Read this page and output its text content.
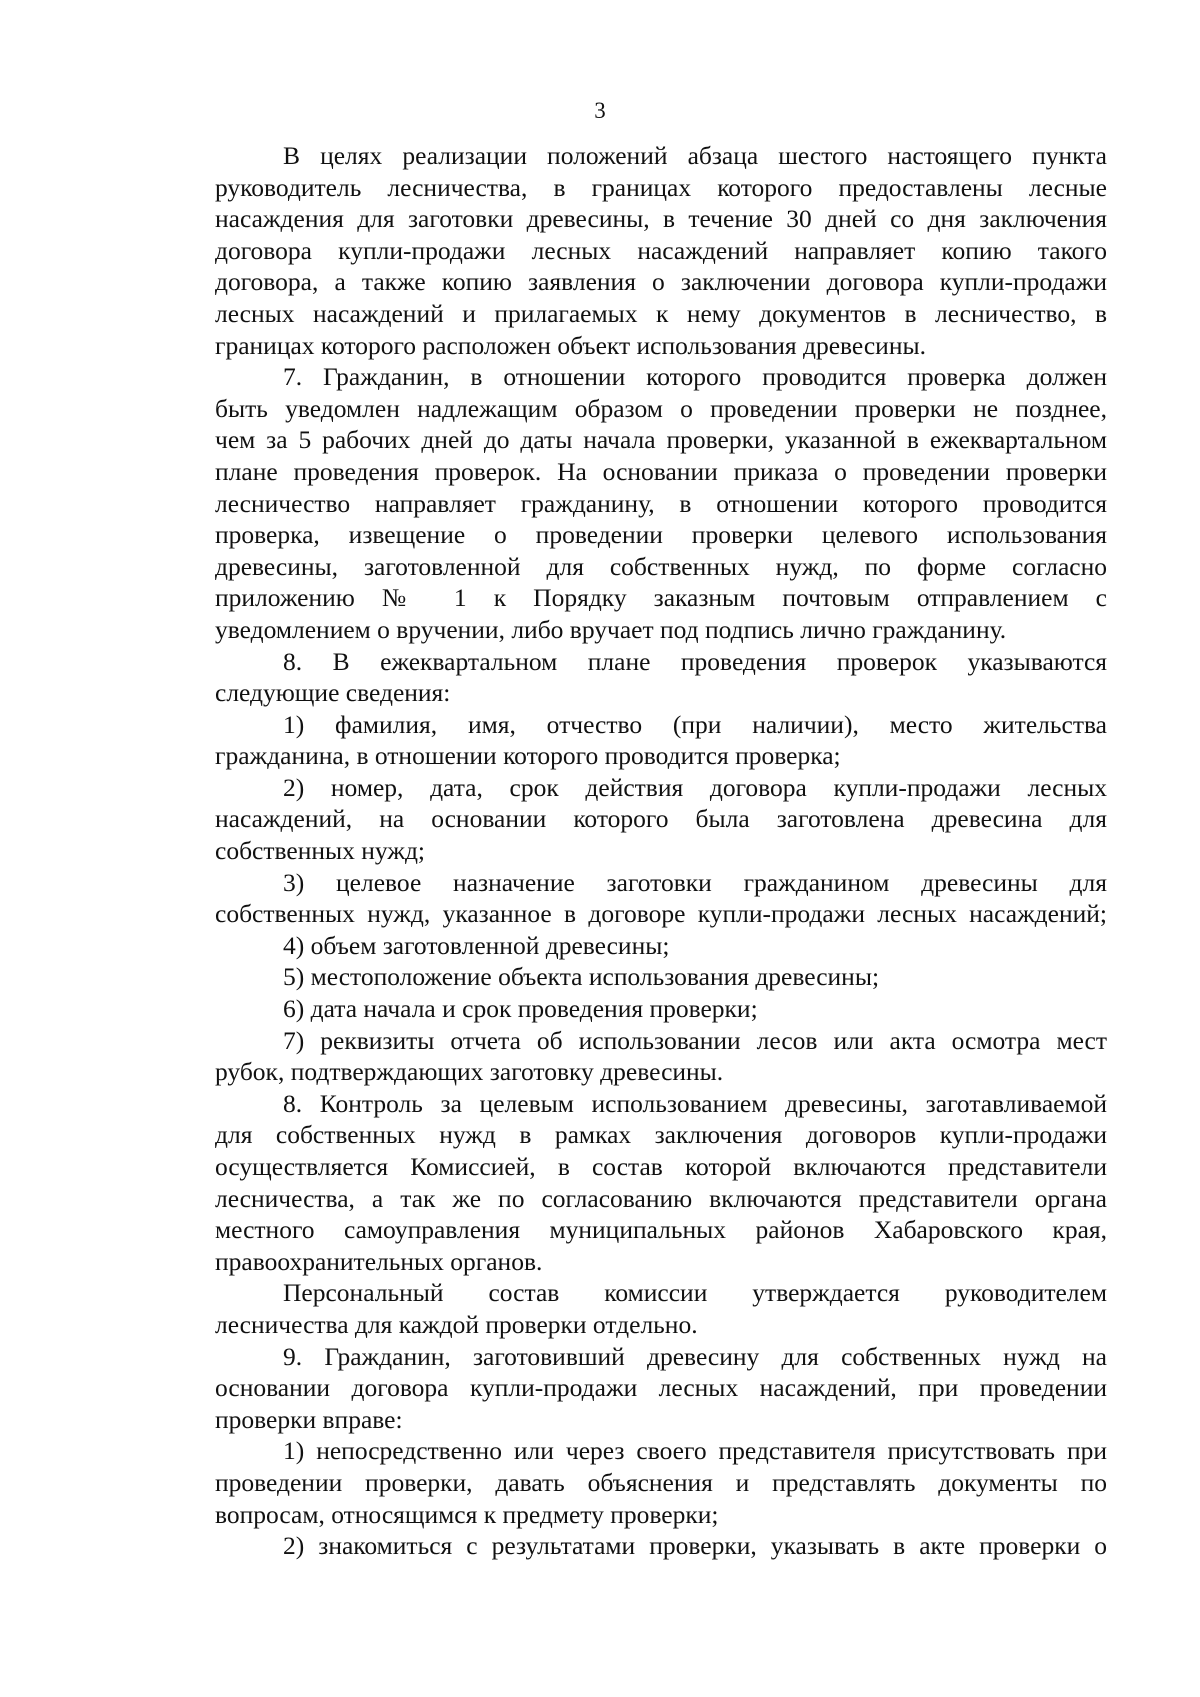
3
В целях реализации положений абзаца шестого настоящего пункта
руководитель лесничества, в границах которого предоставлены лесные
насаждения для заготовки древесины, в течение 30 дней со дня заключения
договора купли-продажи лесных насаждений направляет копию такого
договора, а также копию заявления о заключении договора купли-продажи
лесных насаждений и прилагаемых к нему документов в лесничество, в
границах которого расположен объект использования древесины.
7. Гражданин, в отношении которого проводится проверка должен
быть уведомлен надлежащим образом о проведении проверки не позднее,
чем за 5 рабочих дней до даты начала проверки, указанной в ежеквартальном
плане проведения проверок. На основании приказа о проведении проверки
лесничество направляет гражданину, в отношении которого проводится
проверка, извещение о проведении проверки целевого использования
древесины, заготовленной для собственных нужд, по форме согласно
приложению № 1 к Порядку заказным почтовым отправлением с
уведомлением о вручении, либо вручает под подпись лично гражданину.
8. В ежеквартальном плане проведения проверок указываются
следующие сведения:
1) фамилия, имя, отчество (при наличии), место жительства
гражданина, в отношении которого проводится проверка;
2) номер, дата, срок действия договора купли-продажи лесных
насаждений, на основании которого была заготовлена древесина для
собственных нужд;
3) целевое назначение заготовки гражданином древесины для
собственных нужд, указанное в договоре купли-продажи лесных насаждений;
4) объем заготовленной древесины;
5) местоположение объекта использования древесины;
6) дата начала и срок проведения проверки;
7) реквизиты отчета об использовании лесов или акта осмотра мест
рубок, подтверждающих заготовку древесины.
8. Контроль за целевым использованием древесины, заготавливаемой
для собственных нужд в рамках заключения договоров купли-продажи
осуществляется Комиссией, в состав которой включаются представители
лесничества, а так же по согласованию включаются представители органа
местного самоуправления муниципальных районов Хабаровского края,
правоохранительных органов.
Персональный состав комиссии утверждается руководителем
лесничества для каждой проверки отдельно.
9. Гражданин, заготовивший древесину для собственных нужд на
основании договора купли-продажи лесных насаждений, при проведении
проверки вправе:
1) непосредственно или через своего представителя присутствовать при
проведении проверки, давать объяснения и представлять документы по
вопросам, относящимся к предмету проверки;
2) знакомиться с результатами проверки, указывать в акте проверки о
